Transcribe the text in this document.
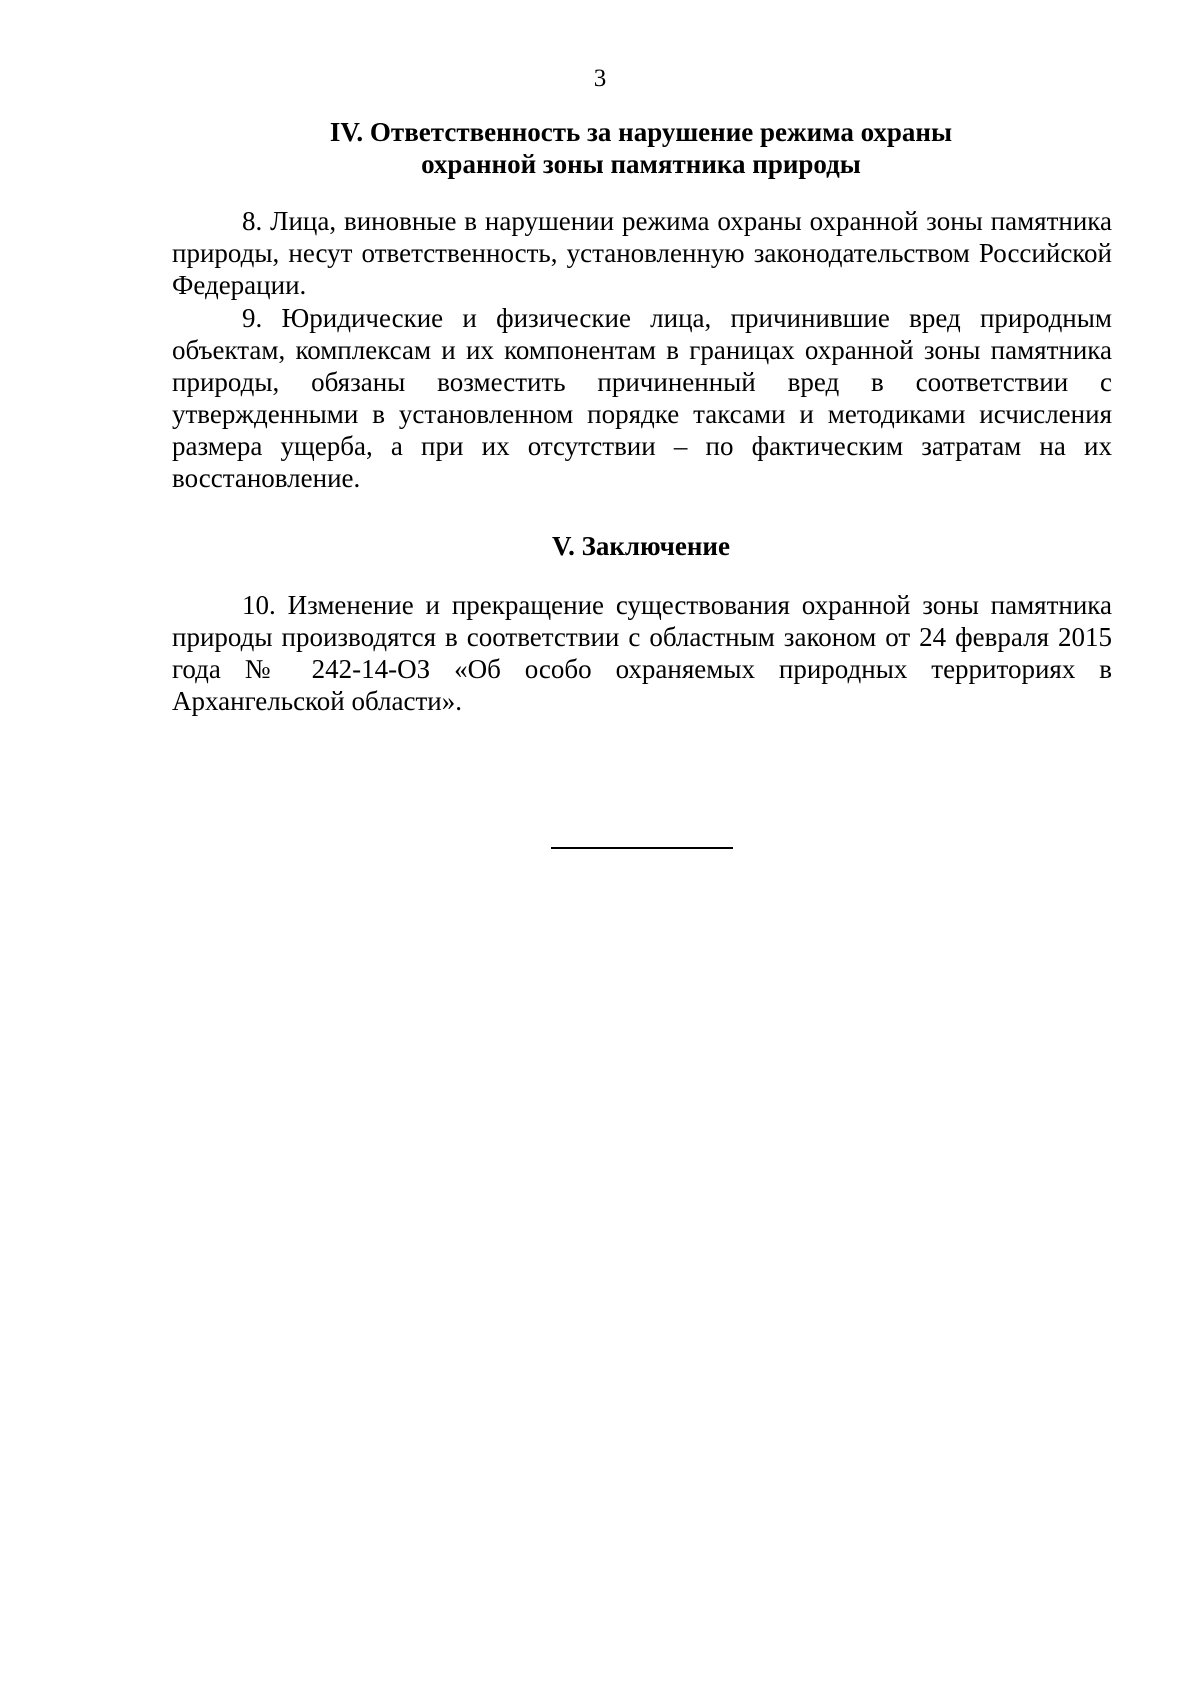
3
IV. Ответственность за нарушение режима охраны
охранной зоны памятника природы
8. Лица, виновные в нарушении режима охраны охранной зоны памятника природы, несут ответственность, установленную законодательством Российской Федерации.
9. Юридические и физические лица, причинившие вред природным объектам, комплексам и их компонентам в границах охранной зоны памятника природы, обязаны возместить причиненный вред в соответствии с утвержденными в установленном порядке таксами и методиками исчисления размера ущерба, а при их отсутствии – по фактическим затратам на их восстановление.
V. Заключение
10. Изменение и прекращение существования охранной зоны памятника природы производятся в соответствии с областным законом от 24 февраля 2015 года № 242-14-ОЗ «Об особо охраняемых природных территориях в Архангельской области».
